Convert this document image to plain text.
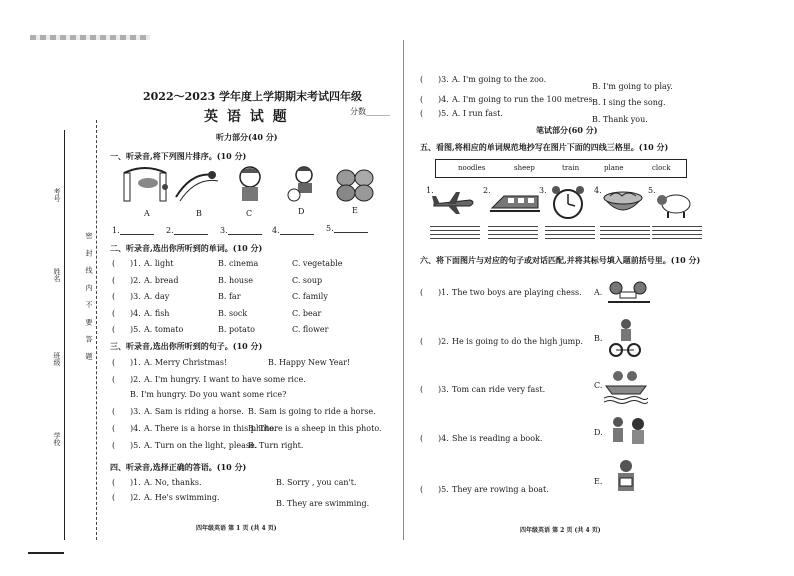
考号
姓名
班级
学校
密 封 线 内 不 要 答 题
2022～2023 学年度上学期期末考试四年级
英 语 试 题	分数______
听力部分(40 分)
一、听录音,将下列图片排序。(10 分)
A	B	C	D	E
1.	2.	3.	4.	5.
二、听录音,选出你所听到的单词。(10 分)
三、听录音,选出你所听到的句子。(10 分)
四、听录音,选择正确的答语。(10 分)
四年级英语 第 1 页 (共 4 页)
( )1. A. light	B. cinema	C. vegetable
( )2. A. bread	B. house	C. soup
( )3. A. day	B. far	C. family
( )4. A. fish	B. sock	C. bear
( )5. A. tomato	B. potato	C. flower
( )1. A. Merry Christmas!	B. Happy New Year!
( )2. A. I'm hungry. I want to have some rice.
B. I'm hungry. Do you want some rice?
( )3. A. Sam is riding a horse. B. Sam is going to ride a horse.
( )4. A. There is a horse in this photo.
B. There is a sheep in this photo.
( )5. A. Turn on the light, please.
B. Turn right.
( )1. A. No, thanks.	B. Sorry , you can't.
( )2. A. He's swimming.
B. They are swimming.
( )3. A. I'm going to the zoo.
B. I'm going to play.
( )4. A. I'm going to run the 100 metres.
B. I sing the song.
( )5. A. I run fast.
B. Thank you.
笔试部分(60 分)
五、看图,将相应的单词规范地抄写在图片下面的四线三格里。(10 分)
noodles	sheep	train	plane	clock
1.	2.	3.	4.	5.
六、将下面图片与对应的句子或对话匹配,并将其标号填入题前括号里。(10 分)
( )1. The two boys are playing chess. A.
( )2. He is going to do the high jump. B.
( )3. Tom can ride very fast.	C.
( )4. She is reading a book.
D.
( )5. They are rowing a boat.
E.
四年级英语 第 2 页 (共 4 页)
